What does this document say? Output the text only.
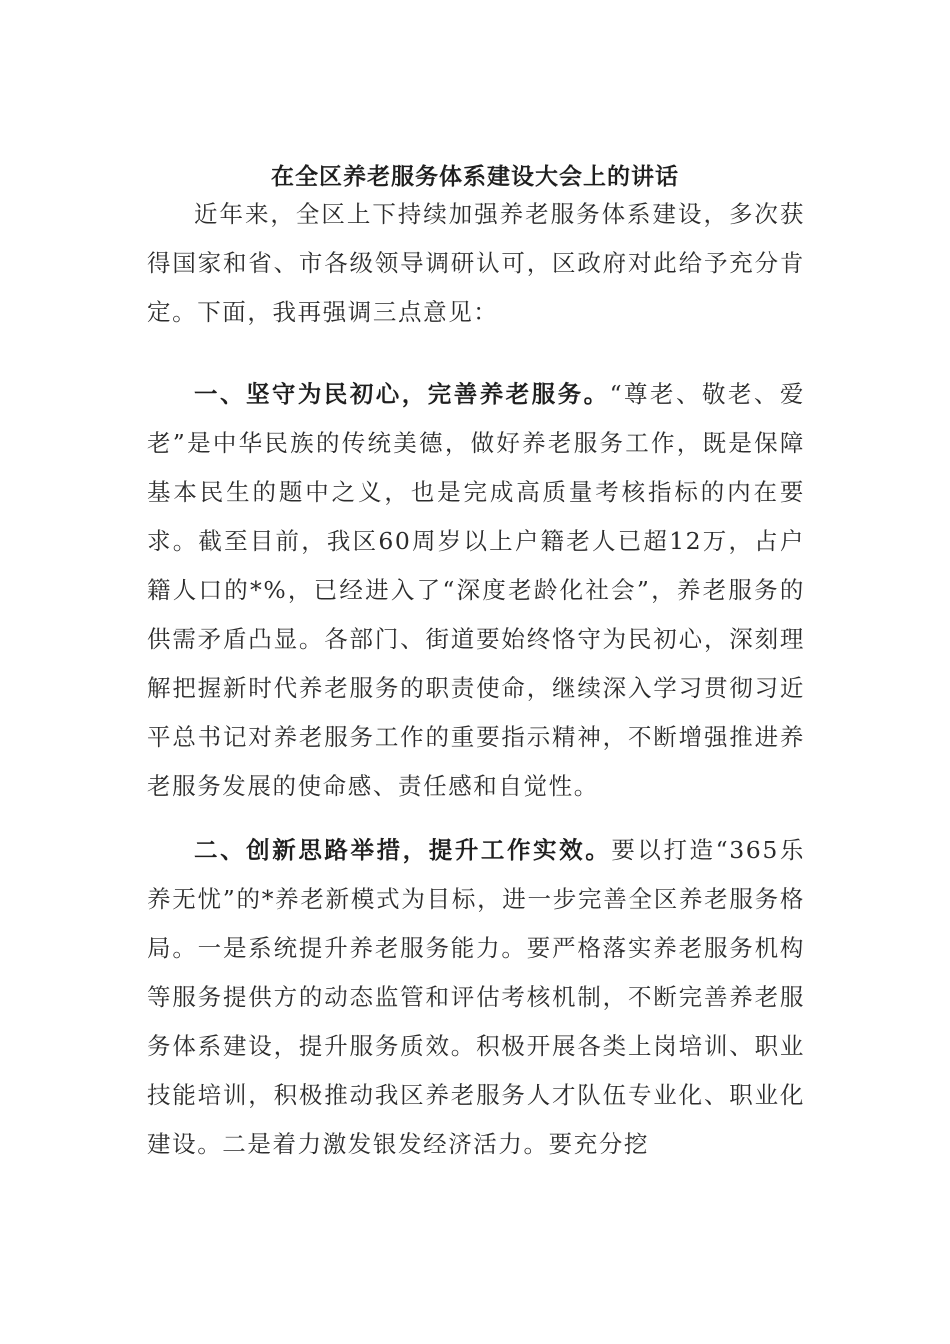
在全区养老服务体系建设大会上的讲话

近年来，全区上下持续加强养老服务体系建设，多次获得国家和省、市各级领导调研认可，区政府对此给予充分肯定。下面，我再强调三点意见：

一、坚守为民初心，完善养老服务。“尊老、敬老、爱老”是中华民族的传统美德，做好养老服务工作，既是保障基本民生的题中之义，也是完成高质量考核指标的内在要求。截至目前，我区60周岁以上户籍老人已超12万，占户籍人口的*%，已经进入了“深度老龄化社会”，养老服务的供需矛盾凸显。各部门、街道要始终恪守为民初心，深刻理解把握新时代养老服务的职责使命，继续深入学习贯彻习近平总书记对养老服务工作的重要指示精神，不断增强推进养老服务发展的使命感、责任感和自觉性。

二、创新思路举措，提升工作实效。要以打造“365乐养无忧”的*养老新模式为目标，进一步完善全区养老服务格局。一是系统提升养老服务能力。要严格落实养老服务机构等服务提供方的动态监管和评估考核机制，不断完善养老服务体系建设，提升服务质效。积极开展各类上岗培训、职业技能培训，积极推动我区养老服务人才队伍专业化、职业化建设。二是着力激发银发经济活力。要充分挖
